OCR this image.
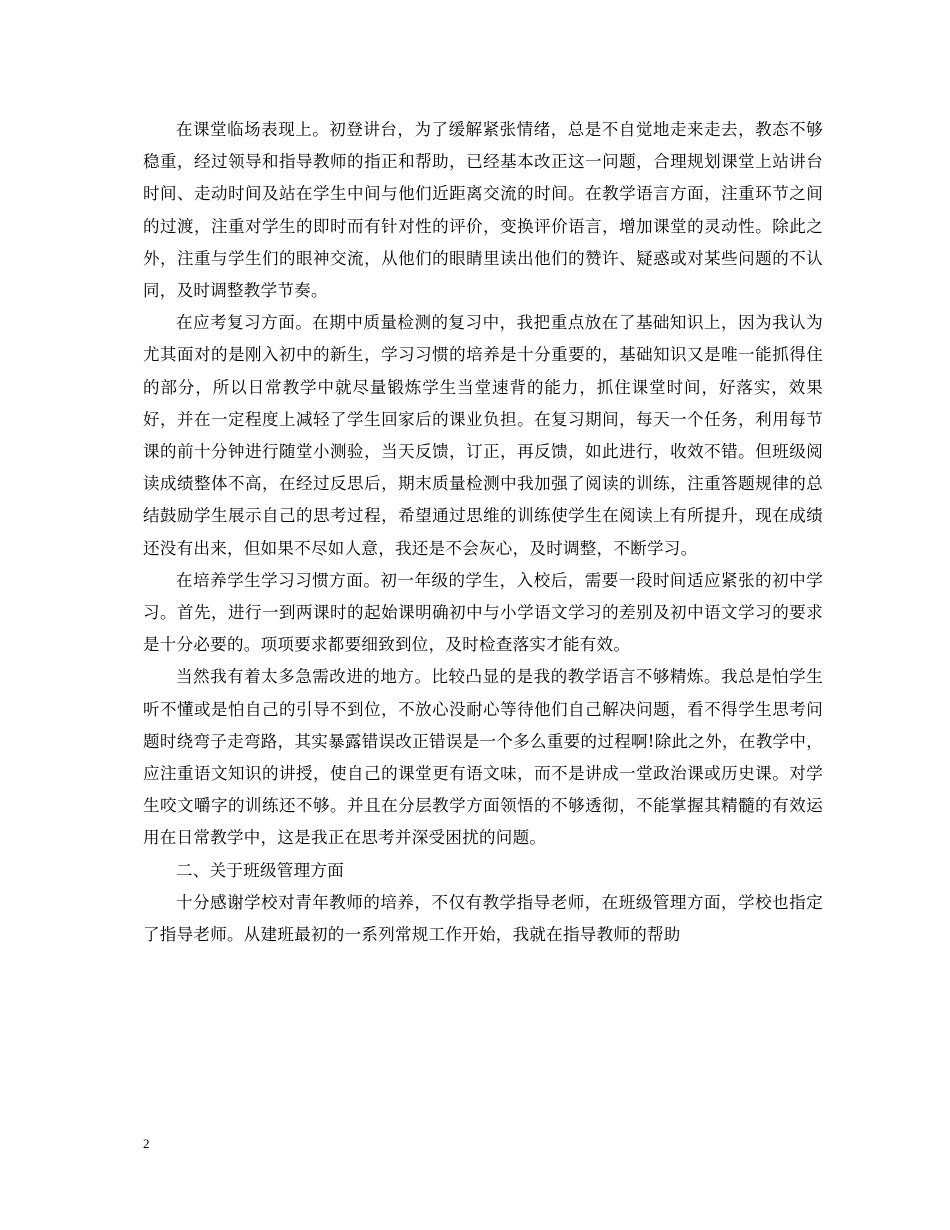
在课堂临场表现上。初登讲台，为了缓解紧张情绪，总是不自觉地走来走去，教态不够稳重，经过领导和指导教师的指正和帮助，已经基本改正这一问题，合理规划课堂上站讲台时间、走动时间及站在学生中间与他们近距离交流的时间。在教学语言方面，注重环节之间的过渡，注重对学生的即时而有针对性的评价，变换评价语言，增加课堂的灵动性。除此之外，注重与学生们的眼神交流，从他们的眼睛里读出他们的赞许、疑惑或对某些问题的不认同，及时调整教学节奏。

在应考复习方面。在期中质量检测的复习中，我把重点放在了基础知识上，因为我认为尤其面对的是刚入初中的新生，学习习惯的培养是十分重要的，基础知识又是唯一能抓得住的部分，所以日常教学中就尽量锻炼学生当堂速背的能力，抓住课堂时间，好落实，效果好，并在一定程度上减轻了学生回家后的课业负担。在复习期间，每天一个任务，利用每节课的前十分钟进行随堂小测验，当天反馈，订正，再反馈，如此进行，收效不错。但班级阅读成绩整体不高，在经过反思后，期末质量检测中我加强了阅读的训练，注重答题规律的总结鼓励学生展示自己的思考过程，希望通过思维的训练使学生在阅读上有所提升，现在成绩还没有出来，但如果不尽如人意，我还是不会灰心，及时调整，不断学习。

在培养学生学习习惯方面。初一年级的学生，入校后，需要一段时间适应紧张的初中学习。首先，进行一到两课时的起始课明确初中与小学语文学习的差别及初中语文学习的要求是十分必要的。项项要求都要细致到位，及时检查落实才能有效。

当然我有着太多急需改进的地方。比较凸显的是我的教学语言不够精炼。我总是怕学生听不懂或是怕自己的引导不到位，不放心没耐心等待他们自己解决问题，看不得学生思考问题时绕弯子走弯路，其实暴露错误改正错误是一个多么重要的过程啊!除此之外，在教学中，应注重语文知识的讲授，使自己的课堂更有语文味，而不是讲成一堂政治课或历史课。对学生咬文嚼字的训练还不够。并且在分层教学方面领悟的不够透彻，不能掌握其精髓的有效运用在日常教学中，这是我正在思考并深受困扰的问题。

二、关于班级管理方面

十分感谢学校对青年教师的培养，不仅有教学指导老师，在班级管理方面，学校也指定了指导老师。从建班最初的一系列常规工作开始，我就在指导教师的帮助

2
